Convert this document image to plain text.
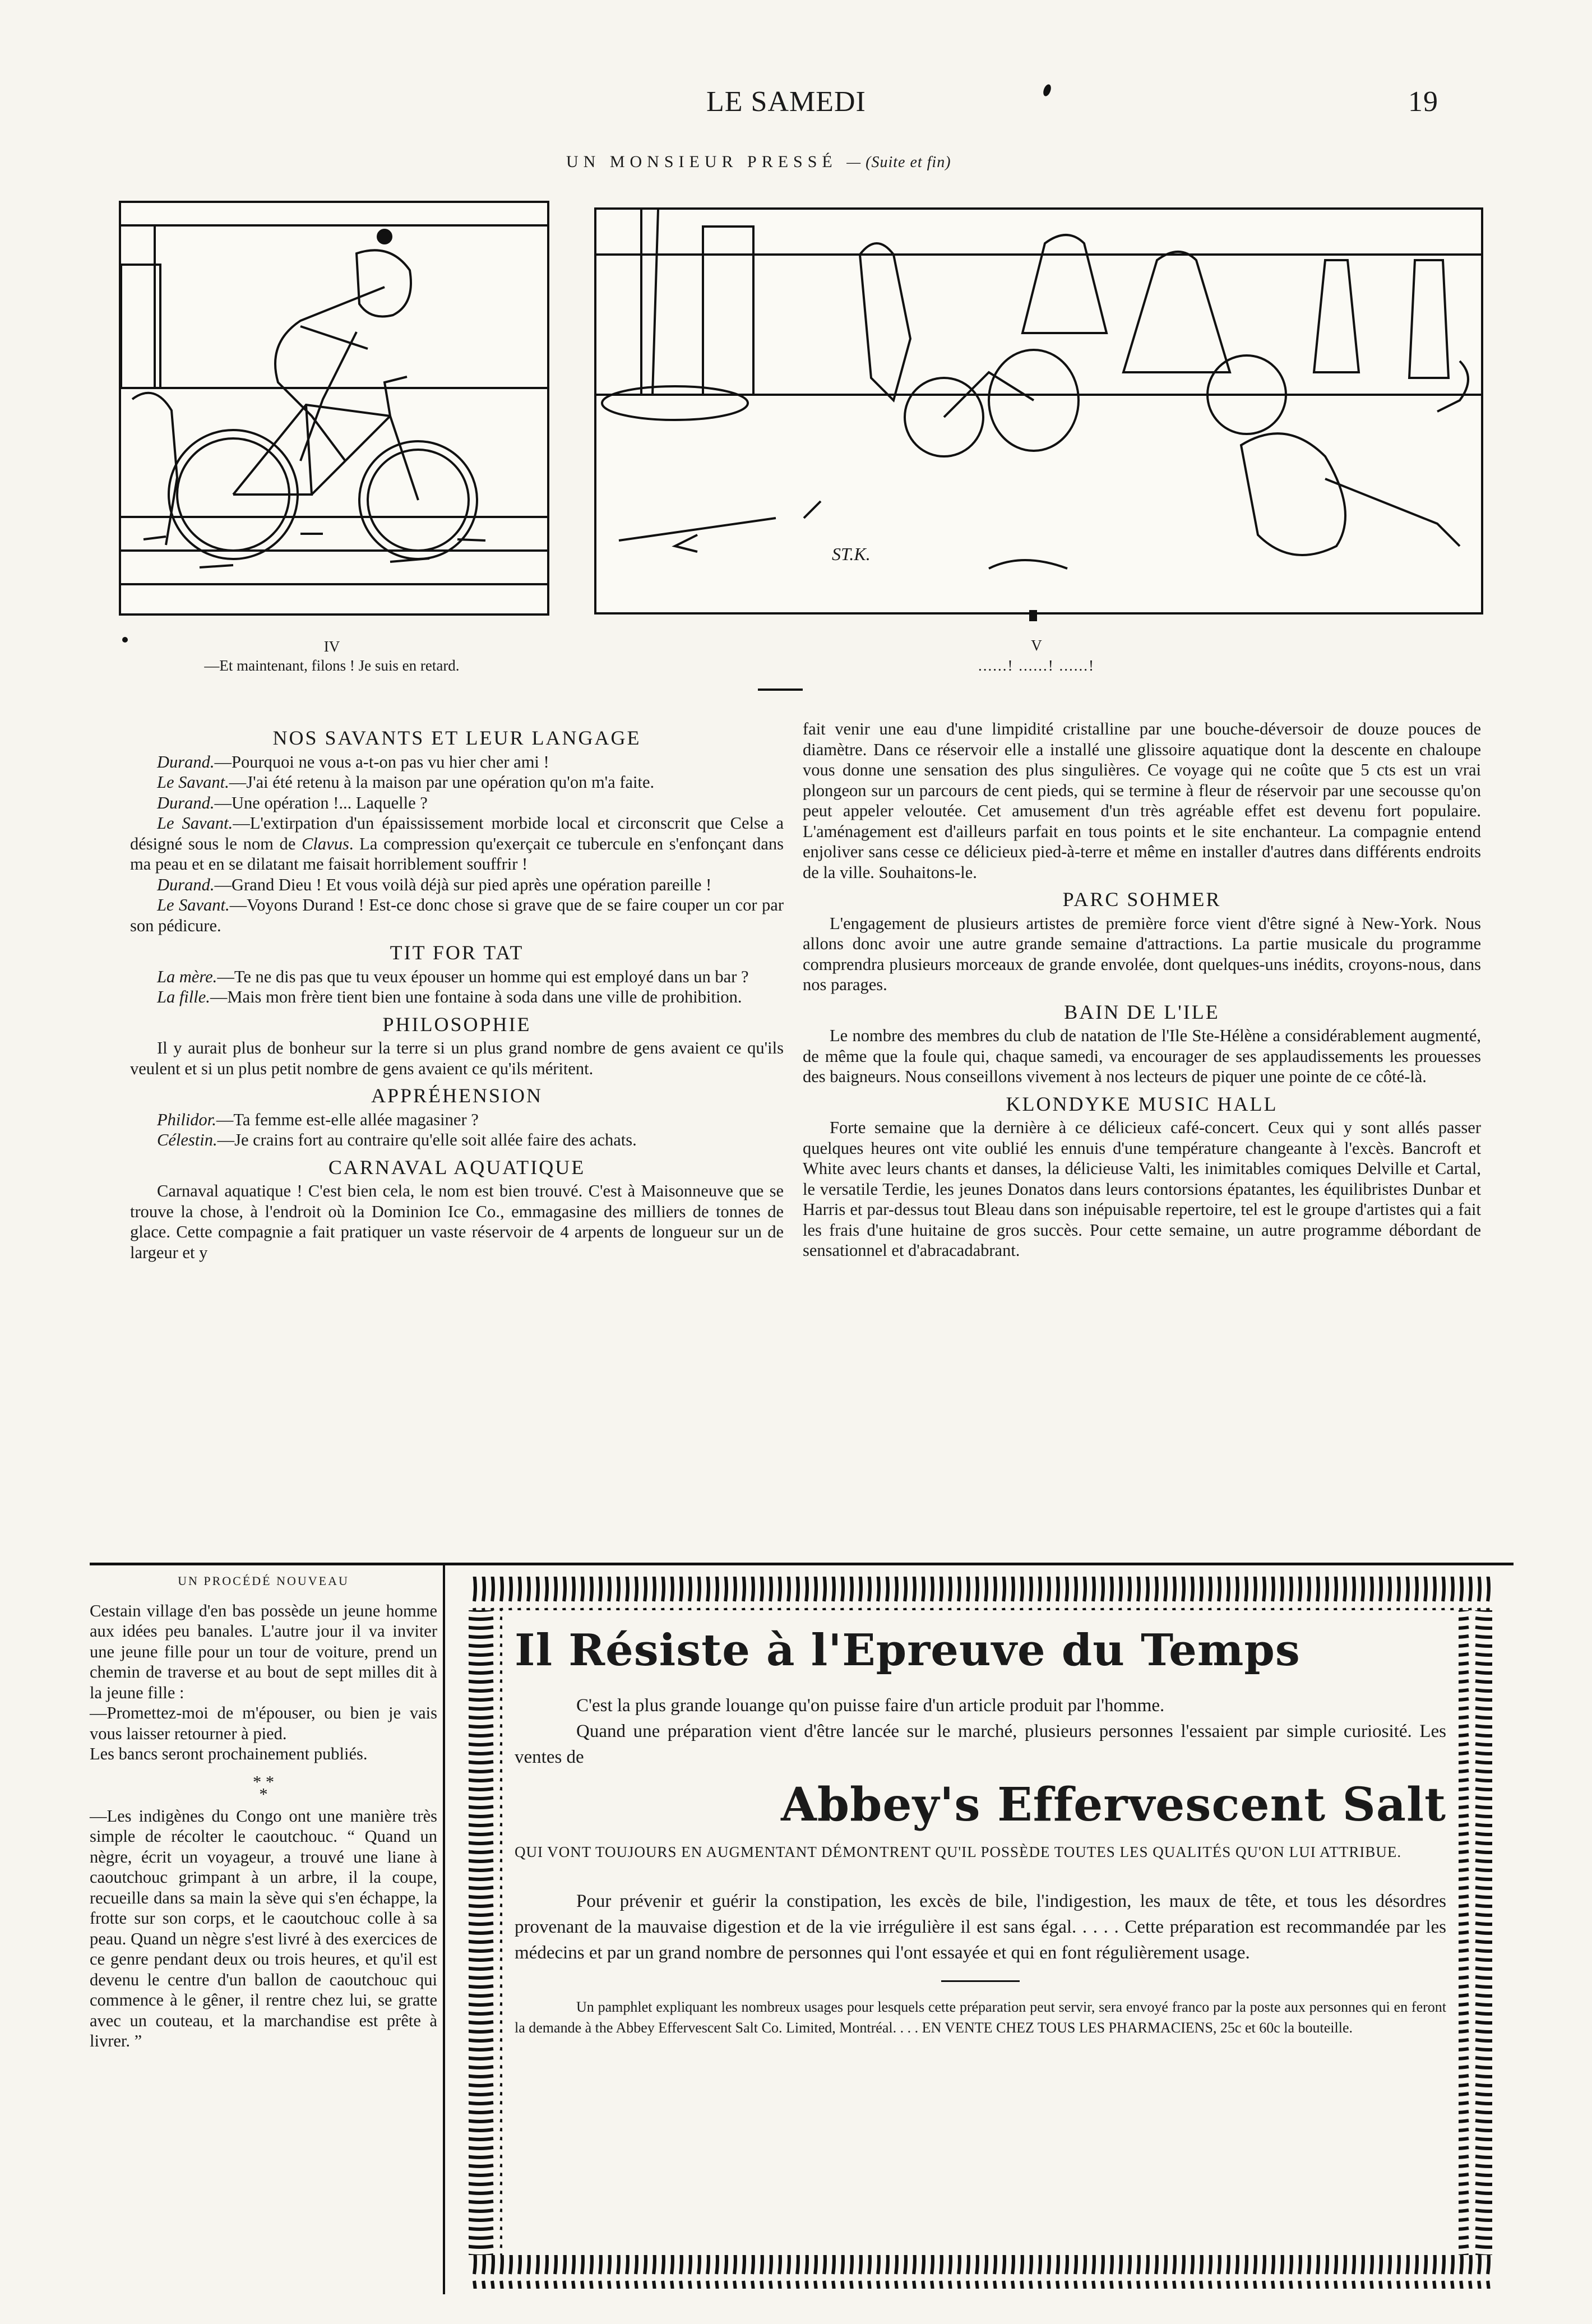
LE SAMEDI	19
UN MONSIEUR PRESSÉ — (Suite et fin)
ST.K.
IV
—Et maintenant, filons ! Je suis en retard.
V
......! ......! ......!

NOS SAVANTS ET LEUR LANGAGE

Durand.—Pourquoi ne vous a-t-on pas vu hier cher ami !

Le Savant.—J'ai été retenu à la maison par une opération qu'on m'a faite.

Durand.—Une opération !... Laquelle ?

Le Savant.—L'extirpation d'un épaississement morbide local et circonscrit que Celse a désigné sous le nom de Clavus. La compression qu'exerçait ce tubercule en s'enfonçant dans ma peau et en se dilatant me faisait horriblement souffrir !

Durand.—Grand Dieu ! Et vous voilà déjà sur pied après une opération pareille !

Le Savant.—Voyons Durand ! Est-ce donc chose si grave que de se faire couper un cor par son pédicure.

TIT FOR TAT

La mère.—Te ne dis pas que tu veux épouser un homme qui est employé dans un bar ?

La fille.—Mais mon frère tient bien une fontaine à soda dans une ville de prohibition.

PHILOSOPHIE

Il y aurait plus de bonheur sur la terre si un plus grand nombre de gens avaient ce qu'ils veulent et si un plus petit nombre de gens avaient ce qu'ils méritent.

APPRÉHENSION

Philidor.—Ta femme est-elle allée magasiner ?

Célestin.—Je crains fort au contraire qu'elle soit allée faire des achats.

CARNAVAL AQUATIQUE

Carnaval aquatique ! C'est bien cela, le nom est bien trouvé. C'est à Maisonneuve que se trouve la chose, à l'endroit où la Dominion Ice Co., emmagasine des milliers de tonnes de glace. Cette compagnie a fait pratiquer un vaste réservoir de 4 arpents de longueur sur un de largeur et y

fait venir une eau d'une limpidité cristalline par une bouche-déversoir de douze pouces de diamètre. Dans ce réservoir elle a installé une glissoire aquatique dont la descente en chaloupe vous donne une sensation des plus singulières. Ce voyage qui ne coûte que 5 cts est un vrai plongeon sur un parcours de cent pieds, qui se termine à fleur de réservoir par une secousse qu'on peut appeler veloutée. Cet amusement d'un très agréable effet est devenu fort populaire. L'aménagement est d'ailleurs parfait en tous points et le site enchanteur. La compagnie entend enjoliver sans cesse ce délicieux pied-à-terre et même en installer d'autres dans différents endroits de la ville. Souhaitons-le.

PARC SOHMER

L'engagement de plusieurs artistes de première force vient d'être signé à New-York. Nous allons donc avoir une autre grande semaine d'attractions. La partie musicale du programme comprendra plusieurs morceaux de grande envolée, dont quelques-uns inédits, croyons-nous, dans nos parages.

BAIN DE L'ILE

Le nombre des membres du club de natation de l'Ile Ste-Hélène a considérablement augmenté, de même que la foule qui, chaque samedi, va encourager de ses applaudissements les prouesses des baigneurs. Nous conseillons vivement à nos lecteurs de piquer une pointe de ce côté-là.

KLONDYKE MUSIC HALL

Forte semaine que la dernière à ce délicieux café-concert. Ceux qui y sont allés passer quelques heures ont vite oublié les ennuis d'une température changeante à l'excès. Bancroft et White avec leurs chants et danses, la délicieuse Valti, les inimitables comiques Delville et Cartal, le versatile Terdie, les jeunes Donatos dans leurs contorsions épatantes, les équilibristes Dunbar et Harris et par-dessus tout Bleau dans son inépuisable repertoire, tel est le groupe d'artistes qui a fait les frais d'une huitaine de gros succès. Pour cette semaine, un autre programme débordant de sensationnel et d'abracadabrant.

UN PROCÉDÉ NOUVEAU

Cestain village d'en bas possède un jeune homme aux idées peu banales. L'autre jour il va inviter une jeune fille pour un tour de voiture, prend un chemin de traverse et au bout de sept milles dit à la jeune fille :

—Promettez-moi de m'épouser, ou bien je vais vous laisser retourner à pied.

Les bancs seront prochainement publiés.

* *
*

—Les indigènes du Congo ont une manière très simple de récolter le caoutchouc. “ Quand un nègre, écrit un voyageur, a trouvé une liane à caoutchouc grimpant à un arbre, il la coupe, recueille dans sa main la sève qui s'en échappe, la frotte sur son corps, et le caoutchouc colle à sa peau. Quand un nègre s'est livré à des exercices de ce genre pendant deux ou trois heures, et qu'il est devenu le centre d'un ballon de caoutchouc qui commence à le gêner, il rentre chez lui, se gratte avec un couteau, et la marchandise est prête à livrer. ”

Il Résiste à l'Epreuve du Temps
C'est la plus grande louange qu'on puisse faire d'un article produit par l'homme.
Quand une préparation vient d'être lancée sur le marché, plusieurs personnes l'essaient par simple curiosité. Les ventes de
Abbey's Effervescent Salt
QUI VONT TOUJOURS EN AUGMENTANT DÉMONTRENT QU'IL POSSÈDE TOUTES LES QUALITÉS QU'ON LUI ATTRIBUE.
Pour prévenir et guérir la constipation, les excès de bile, l'indigestion, les maux de tête, et tous les désordres provenant de la mauvaise digestion et de la vie irrégulière il est sans égal. . . . . Cette préparation est recommandée par les médecins et par un grand nombre de personnes qui l'ont essayée et qui en font régulièrement usage.
Un pamphlet expliquant les nombreux usages pour lesquels cette préparation peut servir, sera envoyé franco par la poste aux personnes qui en feront la demande à the Abbey Effervescent Salt Co. Limited, Montréal. . . . EN VENTE CHEZ TOUS LES PHARMACIENS, 25c et 60c la bouteille.
